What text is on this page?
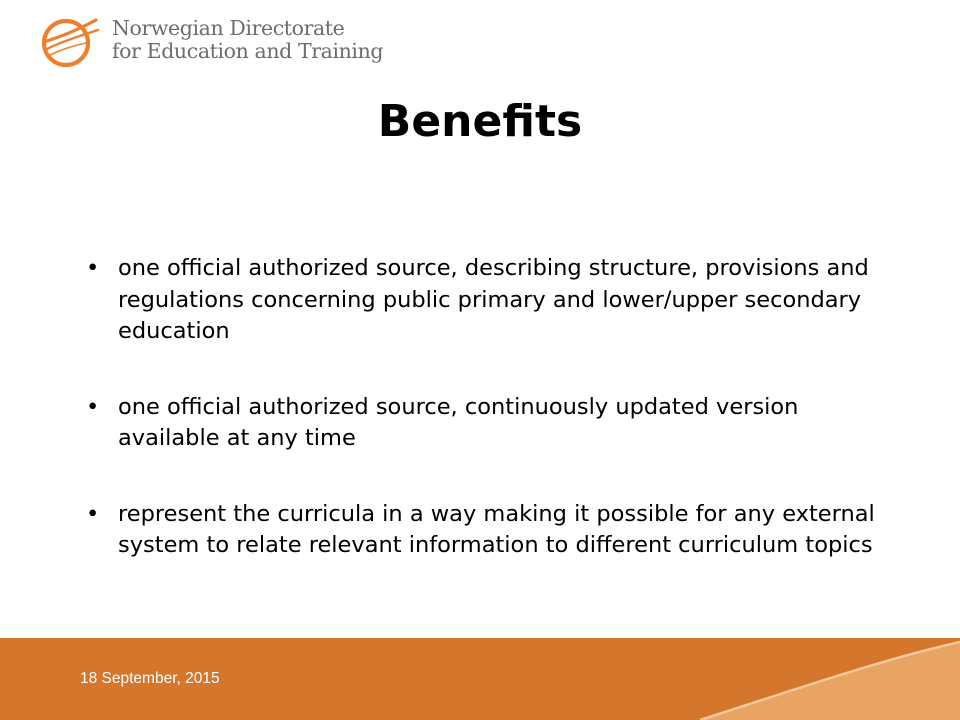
Norwegian Directorate
for Education and Training
Benefits
• one official authorized source, describing structure, provisions and regulations concerning public primary and lower/upper secondary education
• one official authorized source, continuously updated version available at any time
• represent the curricula in a way making it possible for any external system to relate relevant information to different curriculum topics
18 September, 2015
